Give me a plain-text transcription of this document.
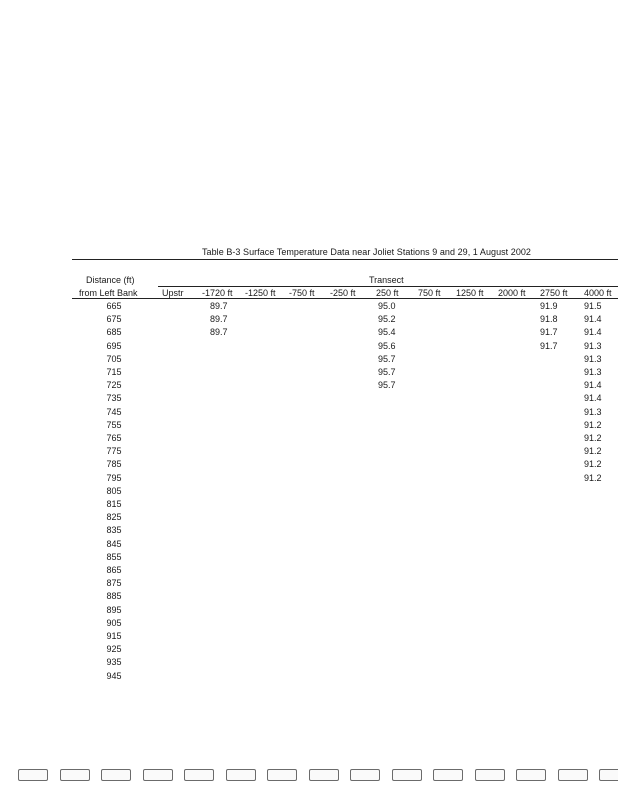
Table B-3 Surface Temperature Data near Joliet Stations 9 and 29, 1 August 2002
Distance (ft)
from Left Bank
Transect
Upstr -1720 ft -1250 ft -750 ft -250 ft 250 ft 750 ft 1250 ft 2000 ft 2750 ft 4000 ft
665
675
685
695
705
715
725
735
745
755
765
775
785
795
805
815
825
835
845
855
865
875
885
895
905
915
925
935
945
89.7
89.7
89.7
95.0
95.2
95.4
95.6
95.7
95.7
95.7
91.9
91.8
91.7
91.7
91.5
91.4
91.4
91.3
91.3
91.3
91.4
91.4
91.3
91.2
91.2
91.2
91.2
91.2
